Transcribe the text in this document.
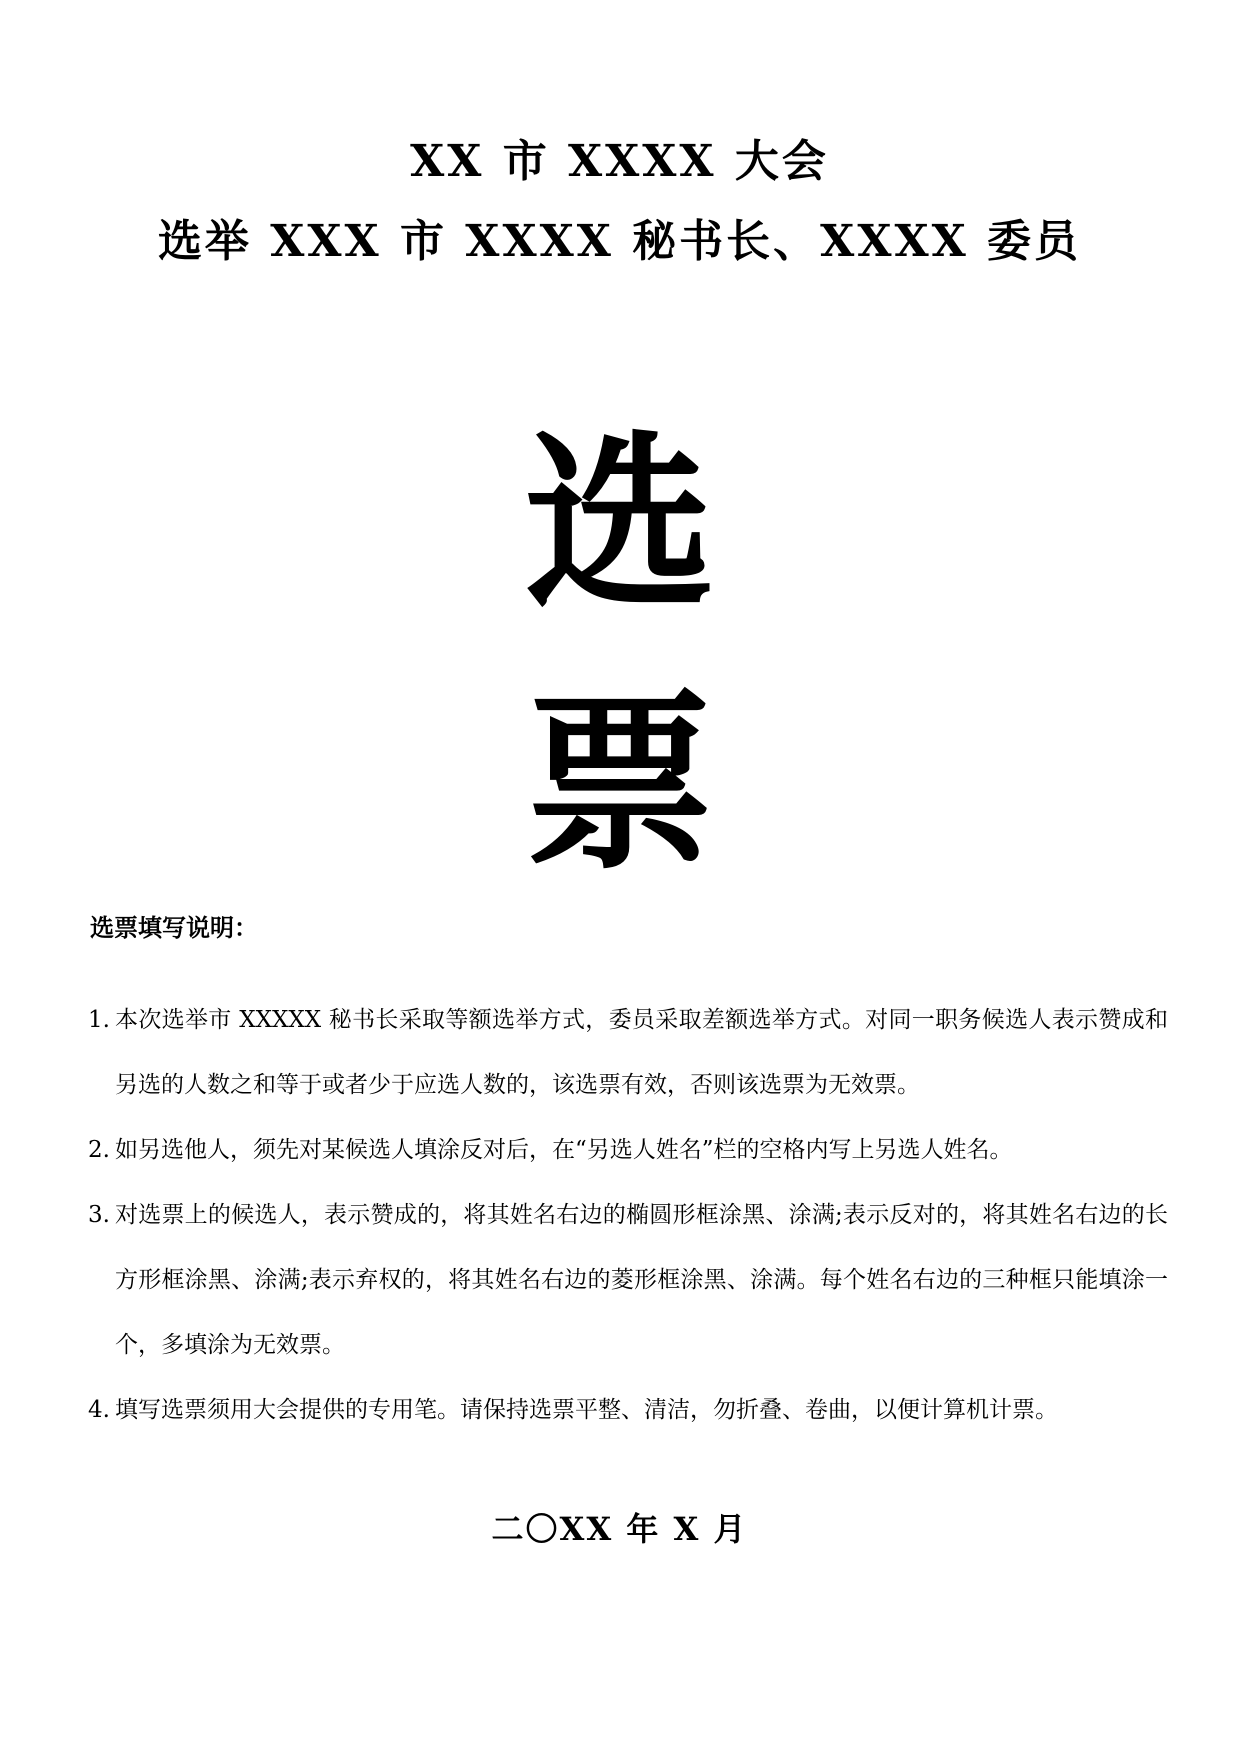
XX 市 XXXX 大会
选举 XXX 市 XXXX 秘书长、XXXX 委员
选
票
选票填写说明：
1. 本次选举市 XXXXX 秘书长采取等额选举方式，委员采取差额选举方式。对同一职务候选人表示赞成和另选的人数之和等于或者少于应选人数的，该选票有效，否则该选票为无效票。
2. 如另选他人，须先对某候选人填涂反对后，在“另选人姓名”栏的空格内写上另选人姓名。
3. 对选票上的候选人，表示赞成的，将其姓名右边的椭圆形框涂黑、涂满;表示反对的，将其姓名右边的长方形框涂黑、涂满;表示弃权的，将其姓名右边的菱形框涂黑、涂满。每个姓名右边的三种框只能填涂一个，多填涂为无效票。
4. 填写选票须用大会提供的专用笔。请保持选票平整、清洁，勿折叠、卷曲，以便计算机计票。
二〇XX 年 X 月
